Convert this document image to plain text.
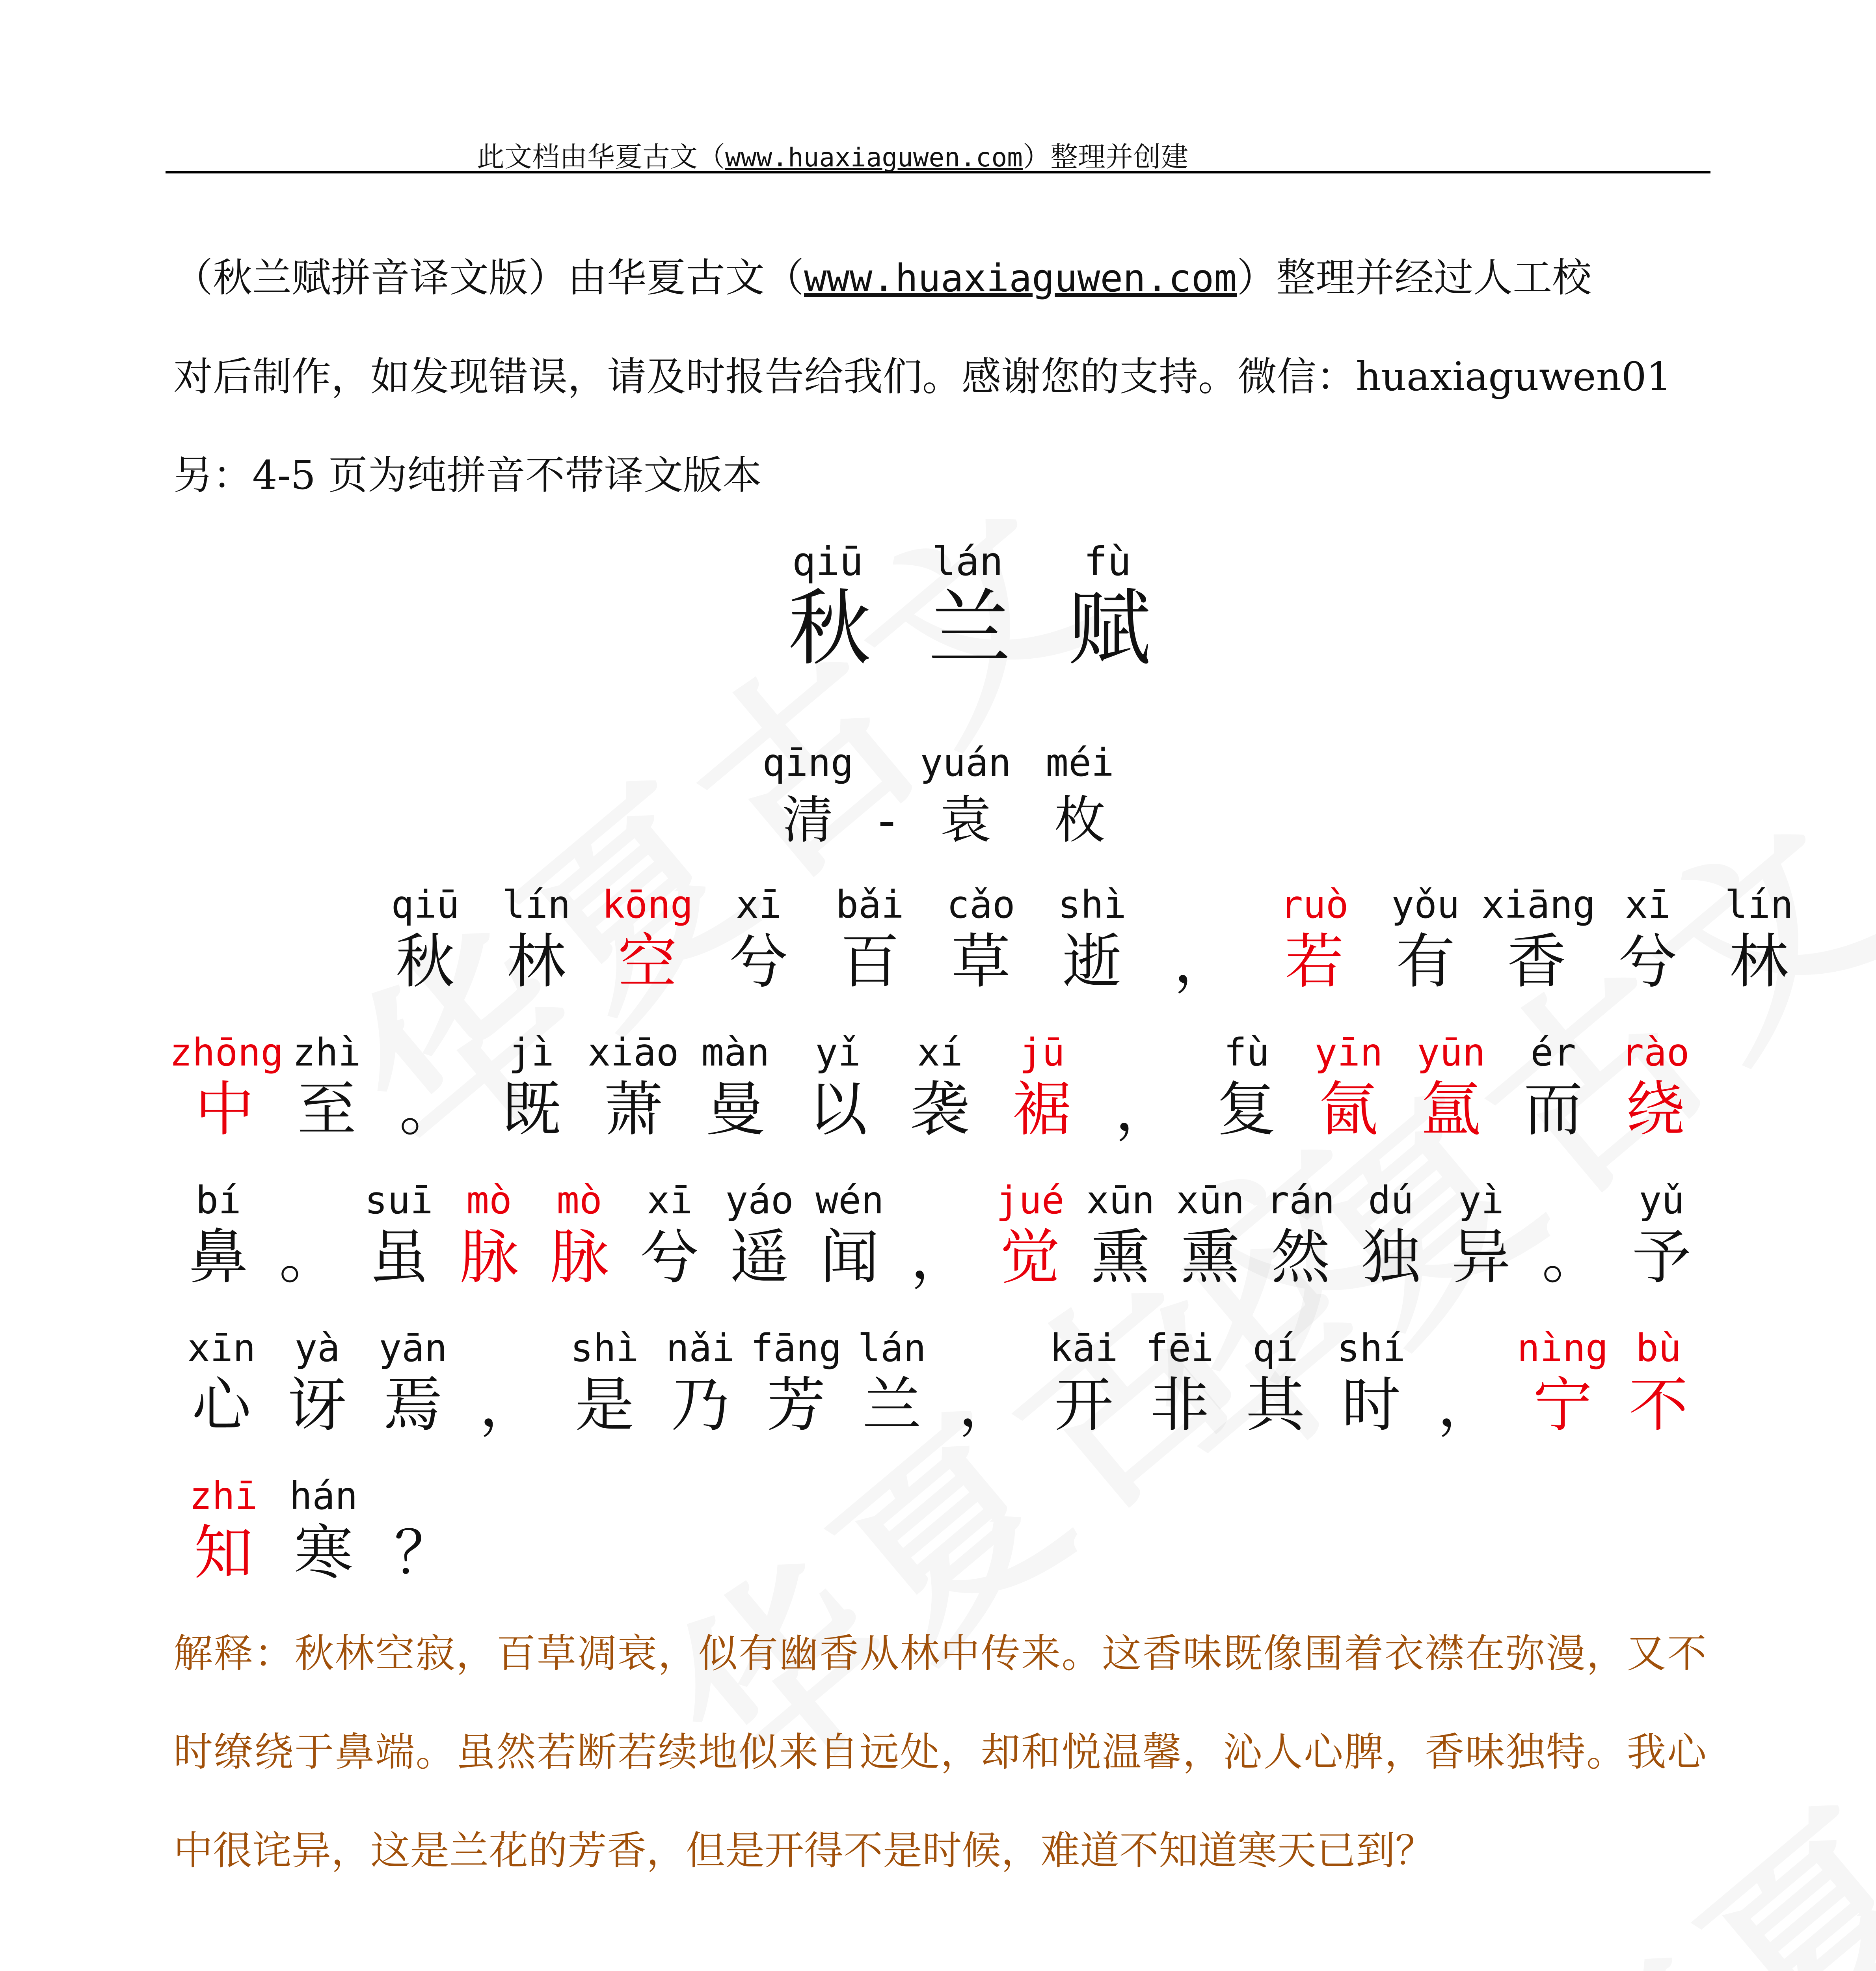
此文档由华夏古文（www.huaxiaguwen.com）整理并创建
（秋兰赋拼音译文版）由华夏古文（www.huaxiaguwen.com）整理并经过人工校
对后制作，如发现错误，请及时报告给我们。感谢您的支持。微信：huaxiaguwen01
另：4-5 页为纯拼音不带译文版本
qiū
秋
lán
兰
fù
赋
qīng
清 -
yuán
袁
méi
枚
qiū
秋
lín
林
kōng
空
xī
兮
bǎi
百
cǎo
草
shì
逝 ，
ruò
若
yǒu
有
xiāng
香
xī
兮
lín
林
zhōng
中
zhì
至 。
jì
既
xiāo
萧
màn
曼
yǐ
以
xí
袭
jū
裾 ，
fù
复
yīn
氤
yūn
氲
ér
而
rào
绕
bí
鼻 。
suī
虽
mò
脉
mò
脉
xī
兮
yáo
遥
wén
闻 ，
jué
觉
xūn
熏
xūn
熏
rán
然
dú
独
yì
异 。
yǔ
予
xīn
心
yà
讶
yān
焉 ，
shì
是
nǎi
乃
fāng
芳
lán
兰 ，
kāi
开
fēi
非
qí
其
shí
时 ，
nìng
宁
bù
不
zhī
知
hán
寒 ？
解释：秋林空寂，百草凋衰，似有幽香从林中传来。这香味既像围着衣襟在弥漫，又不时缭绕于鼻端。虽然若断若续地似来自远处，却和悦温馨，沁人心脾，香味独特。我心中很诧异，这是兰花的芳香，但是开得不是时候，难道不知道寒天已到？
